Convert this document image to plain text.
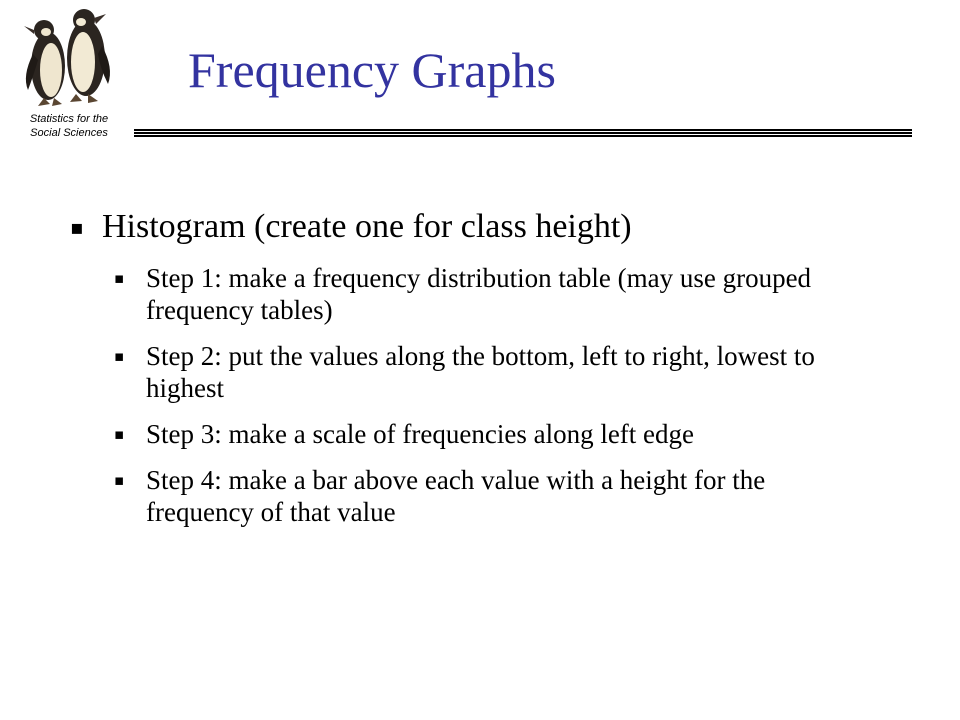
Statistics for the
Social Sciences
Frequency Graphs
▪ Histogram (create one for class height)
▪ Step 1: make a frequency distribution table (may use grouped frequency tables)
▪ Step 2: put the values along the bottom, left to right, lowest to highest
▪ Step 3: make a scale of frequencies along left edge
▪ Step 4: make a bar above each value with a height for the frequency of that value
